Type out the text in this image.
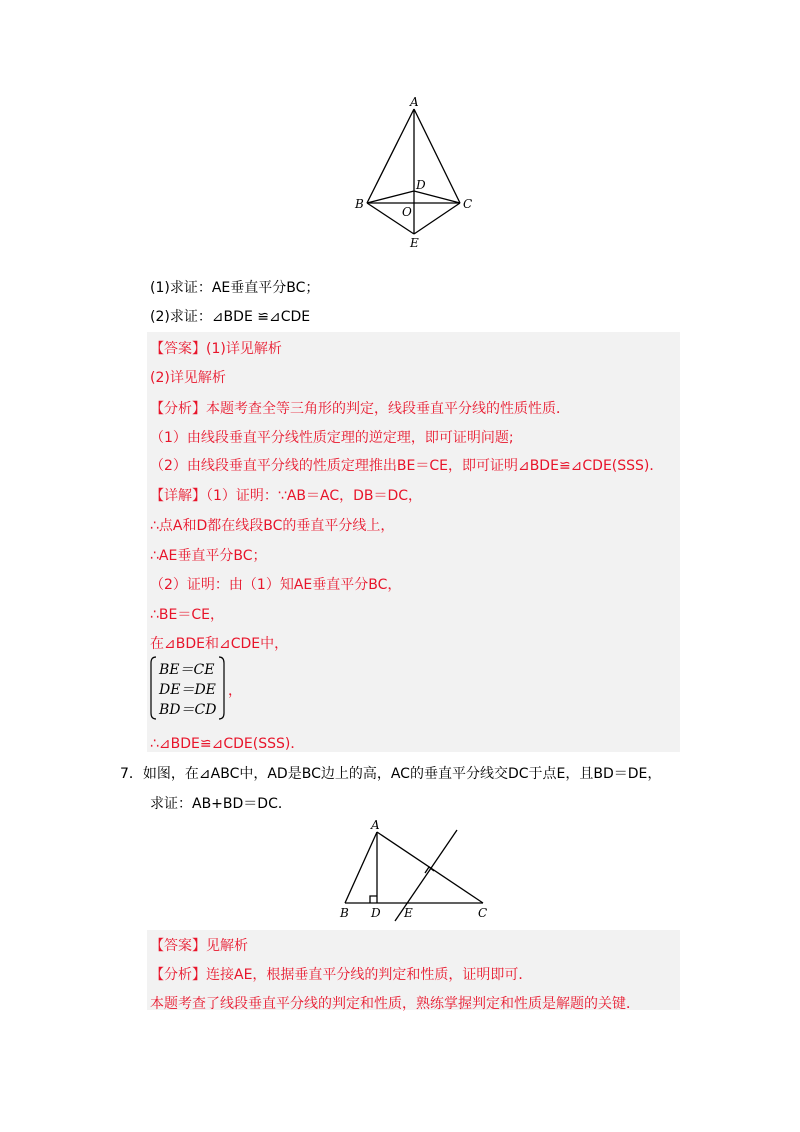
A
B	C
D
O
E
(1)求证：AE垂直平分BC；
(2)求证：⊿BDE ≌⊿CDE
【答案】(1)详见解析
(2)详见解析
【分析】本题考查全等三角形的判定，线段垂直平分线的性质性质．
（1）由线段垂直平分线性质定理的逆定理，即可证明问题;
（2）由线段垂直平分线的性质定理推出BE＝CE，即可证明⊿BDE≌⊿CDE(SSS)．
【详解】（1）证明：∵AB＝AC，DB＝DC，
∴点A和D都在线段BC的垂直平分线上，
∴AE垂直平分BC；
（2）证明：由（1）知AE垂直平分BC，
∴BE＝CE，
在⊿BDE和⊿CDE中，
BE＝CE
DE＝DE
BD＝CD
，
∴⊿BDE≌⊿CDE(SSS)．
7．如图，在⊿ABC中，AD是BC边上的高，AC的垂直平分线交DC于点E，且BD＝DE，
求证：AB+BD＝DC．
A
B D E	C
【答案】见解析
【分析】连接AE，根据垂直平分线的判定和性质，证明即可．
本题考查了线段垂直平分线的判定和性质，熟练掌握判定和性质是解题的关键．
